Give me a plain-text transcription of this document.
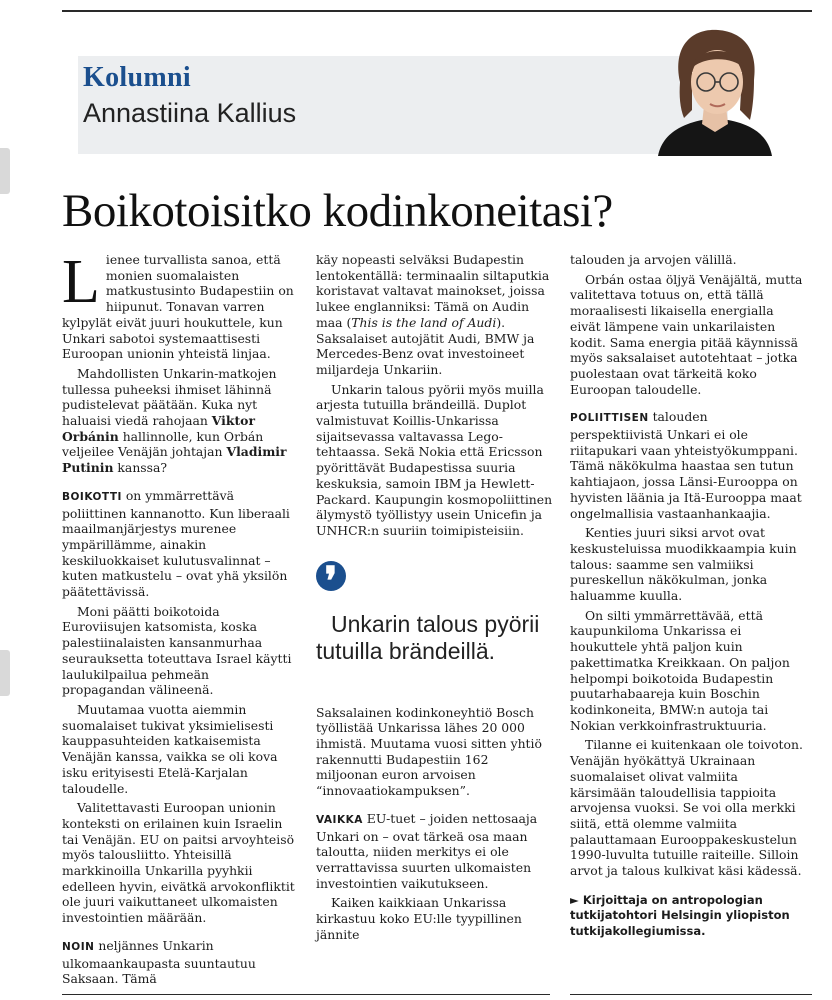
Kolumni
Annastiina Kallius
Boikotoisitko kodinkoneitasi?

Lienee turvallista sanoa, että monien suomalaisten matkustusinto Budapestiin on hiipunut. Tonavan varren kylpylät eivät juuri houkuttele, kun Unkari sabotoi systemaattisesti Euroopan unionin yhteistä linjaa.

Mahdollisten Unkarin-matkojen tullessa puheeksi ihmiset lähinnä pudistelevat päätään. Kuka nyt haluaisi viedä rahojaan Viktor Orbánin hallinnolle, kun Orbán veljeilee Venäjän johtajan Vladimir Putinin kanssa?

BOIKOTTI on ymmärrettävä poliittinen kannanotto. Kun liberaali maailmanjärjestys murenee ympärillämme, ainakin keskiluokkaiset kulutusvalinnat – kuten matkustelu – ovat yhä yksilön päätettävissä.

Moni päätti boikotoida Euroviisujen katsomista, koska palestiinalaisten kansanmurhaa seurauksetta toteuttava Israel käytti laulukilpailua pehmeän propagandan välineenä.

Muutamaa vuotta aiemmin suomalaiset tukivat yksimielisesti kauppasuhteiden katkaisemista Venäjän kanssa, vaikka se oli kova isku erityisesti Etelä-Karjalan taloudelle.

Valitettavasti Euroopan unionin konteksti on erilainen kuin Israelin tai Venäjän. EU on paitsi arvoyhteisö myös talousliitto. Yhteisillä markkinoilla Unkarilla pyyhkii edelleen hyvin, eivätkä arvokonfliktit ole juuri vaikuttaneet ulkomaisten investointien määrään.

NOIN neljännes Unkarin ulkomaankaupasta suuntautuu Saksaan. Tämä

käy nopeasti selväksi Budapestin lentokentällä: terminaalin siltaputkia koristavat valtavat mainokset, joissa lukee englanniksi: Tämä on Audin maa (This is the land of Audi). Saksalaiset autojätit Audi, BMW ja Mercedes-Benz ovat investoineet miljardeja Unkariin.

Unkarin talous pyörii myös muilla arjesta tutuilla brändeillä. Duplot valmistuvat Koillis-Unkarissa sijaitsevassa valtavassa Lego-tehtaassa. Sekä Nokia että Ericsson pyörittävät Budapestissa suuria keskuksia, samoin IBM ja Hewlett-Packard. Kaupungin kosmopoliittinen älymystö työllistyy usein Unicefin ja UNHCR:n suuriin toimipisteisiin.

❜

Unkarin talous pyörii tutuilla brändeillä.

Saksalainen kodinkoneyhtiö Bosch työllistää Unkarissa lähes 20 000 ihmistä. Muutama vuosi sitten yhtiö rakennutti Budapestiin 162 miljoonan euron arvoisen “innovaatiokampuksen”.

VAIKKA EU-tuet – joiden nettosaaja Unkari on – ovat tärkeä osa maan taloutta, niiden merkitys ei ole verrattavissa suurten ulkomaisten investointien vaikutukseen.

Kaiken kaikkiaan Unkarissa kirkastuu koko EU:lle tyypillinen jännite

talouden ja arvojen välillä.

Orbán ostaa öljyä Venäjältä, mutta valitettava totuus on, että tällä moraalisesti likaisella energialla eivät lämpene vain unkarilaisten kodit. Sama energia pitää käynnissä myös saksalaiset autotehtaat – jotka puolestaan ovat tärkeitä koko Euroopan taloudelle.

POLIITTISEN talouden perspektiivistä Unkari ei ole riitapukari vaan yhteistyökumppani. Tämä näkökulma haastaa sen tutun kahtiajaon, jossa Länsi-Eurooppa on hyvisten läänia ja Itä-Eurooppa maat ongelmallisia vastaanhankaajia.

Kenties juuri siksi arvot ovat keskusteluissa muodikkaampia kuin talous: saamme sen valmiiksi pureskellun näkökulman, jonka haluamme kuulla.

On silti ymmärrettävää, että kaupunkiloma Unkarissa ei houkuttele yhtä paljon kuin pakettimatka Kreikkaan. On paljon helpompi boikotoida Budapestin puutarhabaareja kuin Boschin kodinkoneita, BMW:n autoja tai Nokian verkkoinfrastruktuuria.

Tilanne ei kuitenkaan ole toivoton. Venäjän hyökättyä Ukrainaan suomalaiset olivat valmiita kärsimään taloudellisia tappioita arvojensa vuoksi. Se voi olla merkki siitä, että olemme valmiita palauttamaan Eurooppakeskustelun 1990-luvulta tutuille raiteille. Silloin arvot ja talous kulkivat käsi kädessä.

► Kirjoittaja on antropologian tutkijatohtori Helsingin yliopiston tutkijakollegiumissa.
